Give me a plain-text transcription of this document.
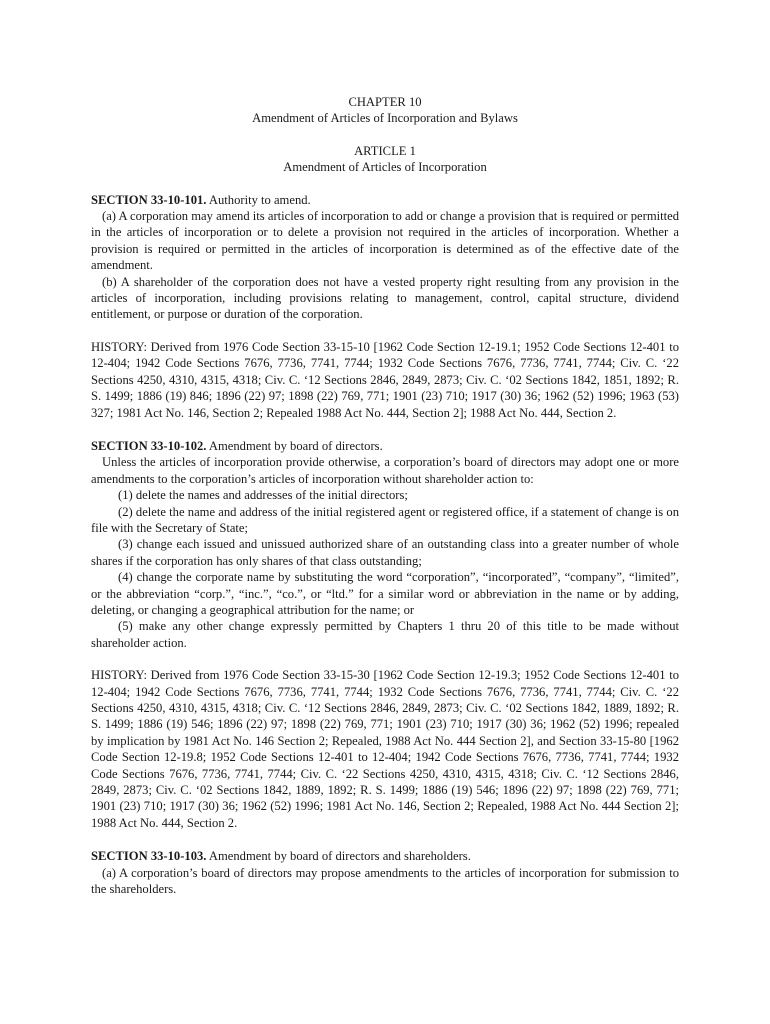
CHAPTER 10
Amendment of Articles of Incorporation and Bylaws
ARTICLE 1
Amendment of Articles of Incorporation

SECTION 33-10-101. Authority to amend.

(a) A corporation may amend its articles of incorporation to add or change a provision that is required or permitted in the articles of incorporation or to delete a provision not required in the articles of incorporation. Whether a provision is required or permitted in the articles of incorporation is determined as of the effective date of the amendment.

(b) A shareholder of the corporation does not have a vested property right resulting from any provision in the articles of incorporation, including provisions relating to management, control, capital structure, dividend entitlement, or purpose or duration of the corporation.

HISTORY: Derived from 1976 Code Section 33-15-10 [1962 Code Section 12-19.1; 1952 Code Sections 12-401 to 12-404; 1942 Code Sections 7676, 7736, 7741, 7744; 1932 Code Sections 7676, 7736, 7741, 7744; Civ. C. ‘22 Sections 4250, 4310, 4315, 4318; Civ. C. ‘12 Sections 2846, 2849, 2873; Civ. C. ‘02 Sections 1842, 1851, 1892; R. S. 1499; 1886 (19) 846; 1896 (22) 97; 1898 (22) 769, 771; 1901 (23) 710; 1917 (30) 36; 1962 (52) 1996; 1963 (53) 327; 1981 Act No. 146, Section 2; Repealed 1988 Act No. 444, Section 2]; 1988 Act No. 444, Section 2.

SECTION 33-10-102. Amendment by board of directors.

Unless the articles of incorporation provide otherwise, a corporation’s board of directors may adopt one or more amendments to the corporation’s articles of incorporation without shareholder action to:

(1) delete the names and addresses of the initial directors;

(2) delete the name and address of the initial registered agent or registered office, if a statement of change is on file with the Secretary of State;

(3) change each issued and unissued authorized share of an outstanding class into a greater number of whole shares if the corporation has only shares of that class outstanding;

(4) change the corporate name by substituting the word “corporation”, “incorporated”, “company”, “limited”, or the abbreviation “corp.”, “inc.”, “co.”, or “ltd.” for a similar word or abbreviation in the name or by adding, deleting, or changing a geographical attribution for the name; or

(5) make any other change expressly permitted by Chapters 1 thru 20 of this title to be made without shareholder action.

HISTORY: Derived from 1976 Code Section 33-15-30 [1962 Code Section 12-19.3; 1952 Code Sections 12-401 to 12-404; 1942 Code Sections 7676, 7736, 7741, 7744; 1932 Code Sections 7676, 7736, 7741, 7744; Civ. C. ‘22 Sections 4250, 4310, 4315, 4318; Civ. C. ‘12 Sections 2846, 2849, 2873; Civ. C. ‘02 Sections 1842, 1889, 1892; R. S. 1499; 1886 (19) 546; 1896 (22) 97; 1898 (22) 769, 771; 1901 (23) 710; 1917 (30) 36; 1962 (52) 1996; repealed by implication by 1981 Act No. 146 Section 2; Repealed, 1988 Act No. 444 Section 2], and Section 33-15-80 [1962 Code Section 12-19.8; 1952 Code Sections 12-401 to 12-404; 1942 Code Sections 7676, 7736, 7741, 7744; 1932 Code Sections 7676, 7736, 7741, 7744; Civ. C. ‘22 Sections 4250, 4310, 4315, 4318; Civ. C. ‘12 Sections 2846, 2849, 2873; Civ. C. ‘02 Sections 1842, 1889, 1892; R. S. 1499; 1886 (19) 546; 1896 (22) 97; 1898 (22) 769, 771; 1901 (23) 710; 1917 (30) 36; 1962 (52) 1996; 1981 Act No. 146, Section 2; Repealed, 1988 Act No. 444 Section 2]; 1988 Act No. 444, Section 2.

SECTION 33-10-103. Amendment by board of directors and shareholders.

(a) A corporation’s board of directors may propose amendments to the articles of incorporation for submission to the shareholders.
